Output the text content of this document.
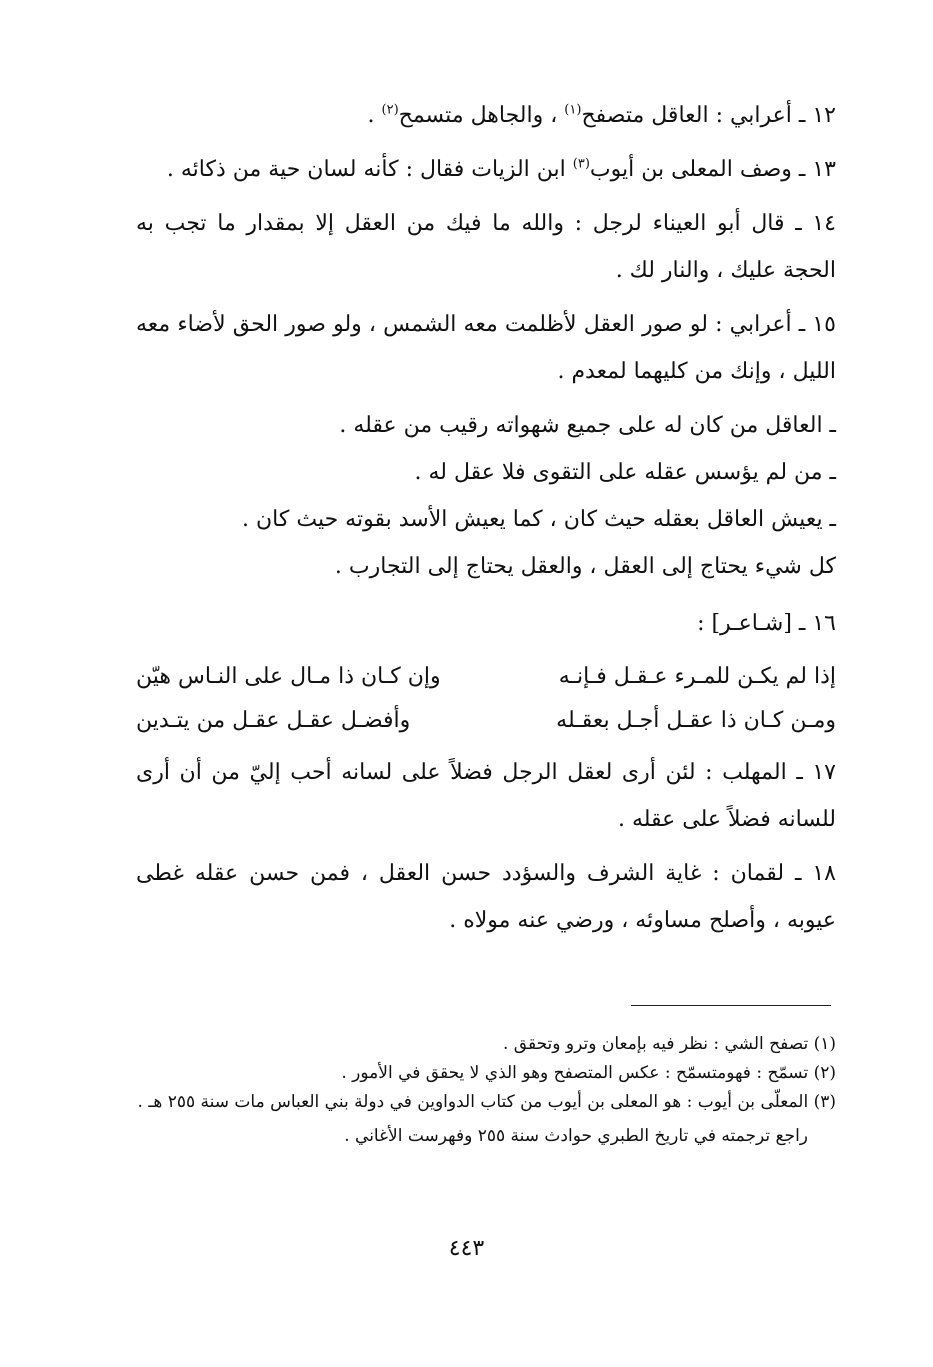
١٢ ـ أعرابي : العاقل متصفح$^{(١)}$ ، والجاهل متسمح$^{(٢)}$ .

١٣ ـ وصف المعلى بن أيوب$^{(٣)}$ ابن الزيات فقال : كأنه لسان حية من ذكائه .

١٤ ـ قال أبو العيناء لرجل : والله ما فيك من العقل إلا بمقدار ما تجب به الحجة عليك ، والنار لك .

١٥ ـ أعرابي : لو صور العقل لأظلمت معه الشمس ، ولو صور الحق لأضاء معه الليل ، وإنك من كليهما لمعدم .

ـ العاقل من كان له على جميع شهواته رقيب من عقله .

ـ من لم يؤسس عقله على التقوى فلا عقل له .

ـ يعيش العاقل بعقله حيث كان ، كما يعيش الأسد بقوته حيث كان .

كل شيء يحتاج إلى العقل ، والعقل يحتاج إلى التجارب .

١٦ ـ [شـاعـر] :

إذا لم يكـن للمـرء عـقـل فـإنـه
وإن كـان ذا مـال على النـاس هيّن
ومـن كـان ذا عقـل أجـل بعقـله
وأفضـل عقـل عقـل من يتـدين

١٧ ـ المهلب : لئن أرى لعقل الرجل فضلاً على لسانه أحب إليّ من أن أرى للسانه فضلاً على عقله .

١٨ ـ لقمان : غاية الشرف والسؤدد حسن العقل ، فمن حسن عقله غطى عيوبه ، وأصلح مساوئه ، ورضي عنه مولاه .

(١) تصفح الشي : نظر فيه بإمعان وترو وتحقق .

(٢) تسمّح : فهومتسمّح : عكس المتصفح وهو الذي لا يحقق في الأمور .

(٣) المعلّى بن أيوب : هو المعلى بن أيوب من كتاب الدواوين في دولة بني العباس مات سنة ٢٥٥ هـ .

راجع ترجمته في تاريخ الطبري حوادث سنة ٢٥٥ وفهرست الأغاني .

٤٤٣
